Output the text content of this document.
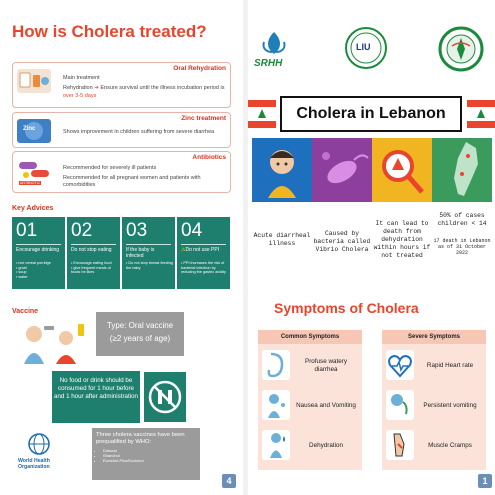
How is Cholera treated?
Oral Rehydration
Main treatment
Rehydration ➔ Ensure survival until the illness incubation period is
over 3-5 days
Zinc
Zinc treatment
Shows improvement in children suffering from severe diarrhea
ANTIBIOTIC
Antibiotics
Recommended for severely ill patients
Recommended for all pregnant women and patients with
comorbidities
Key Advices
01
Encourage drinking
• rice cereal porridge
• gruel
• soup
• water
02
Do not stop eating
• Encourage eating food
• give frequent meals of foods he likes
03
If the baby is infected
• Do not stop breast feeding the baby
04
⚠Do not use PPI
• PPI increases the risk of bacterial infection by reducing the gastric acidity
Vaccine
Type: Oral vaccine
(≥2 years of age)
No food or drink should be consumed for 1 hour before and 1 hour after administration
World Health
Organization
Three cholera vaccines have been prequalified by WHO:
• Dukoral
• Shanchol
• Euvichol-Plus/Euvichol
4
SRHH
LIU
Cholera in Lebanon
Acute diarrheal illness
Caused by bacteria called Vibrio Cholera
It can lead to death from dehydration within hours if not treated
50% of cases children < 14
17 death in Lebanon as of 31 October 2022
Symptoms of Cholera
Common Symptoms	Severe Symptoms
Profuse watery diarrhea
Nausea and Vomiting
Dehydration
Rapid Heart rate
Persistent vomiting
Muscle Cramps
1
